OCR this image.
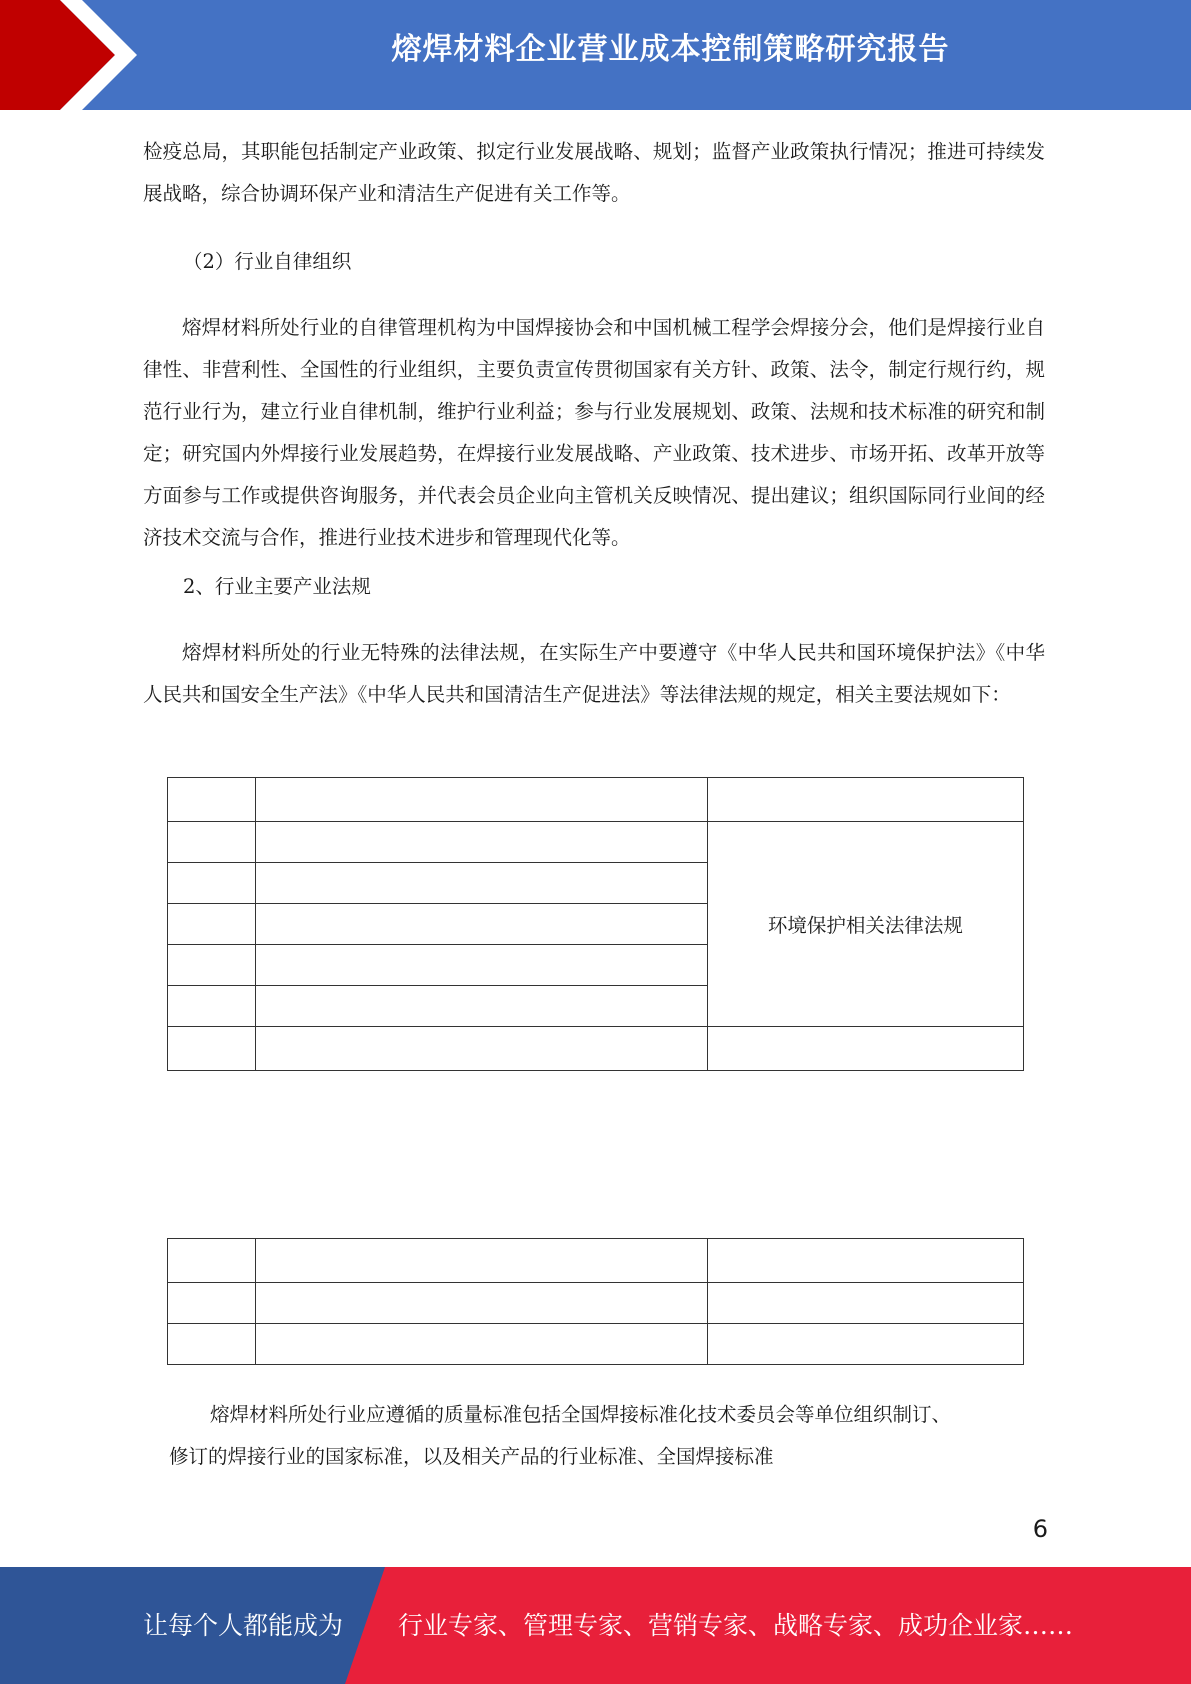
熔焊材料企业营业成本控制策略研究报告

检疫总局，其职能包括制定产业政策、拟定行业发展战略、规划；监督产业政策执行情况；推进可持续发展战略，综合协调环保产业和清洁生产促进有关工作等。

（2）行业自律组织

熔焊材料所处行业的自律管理机构为中国焊接协会和中国机械工程学会焊接分会，他们是焊接行业自律性、非营利性、全国性的行业组织，主要负责宣传贯彻国家有关方针、政策、法令，制定行规行约，规范行业行为，建立行业自律机制，维护行业利益；参与行业发展规划、政策、法规和技术标准的研究和制定；研究国内外焊接行业发展趋势，在焊接行业发展战略、产业政策、技术进步、市场开拓、改革开放等方面参与工作或提供咨询服务，并代表会员企业向主管机关反映情况、提出建议；组织国际同行业间的经济技术交流与合作，推进行业技术进步和管理现代化等。

2、行业主要产业法规

熔焊材料所处的行业无特殊的法律法规，在实际生产中要遵守《中华人民共和国环境保护法》《中华人民共和国安全生产法》《中华人民共和国清洁生产促进法》等法律法规的规定，相关主要法规如下：

		环境保护相关法律法规

熔焊材料所处行业应遵循的质量标准包括全国焊接标准化技术委员会等单位组织制订、

修订的焊接行业的国家标准，以及相关产品的行业标准、全国焊接标准

6
让每个人都能成为 行业专家、管理专家、营销专家、战略专家、成功企业家……
